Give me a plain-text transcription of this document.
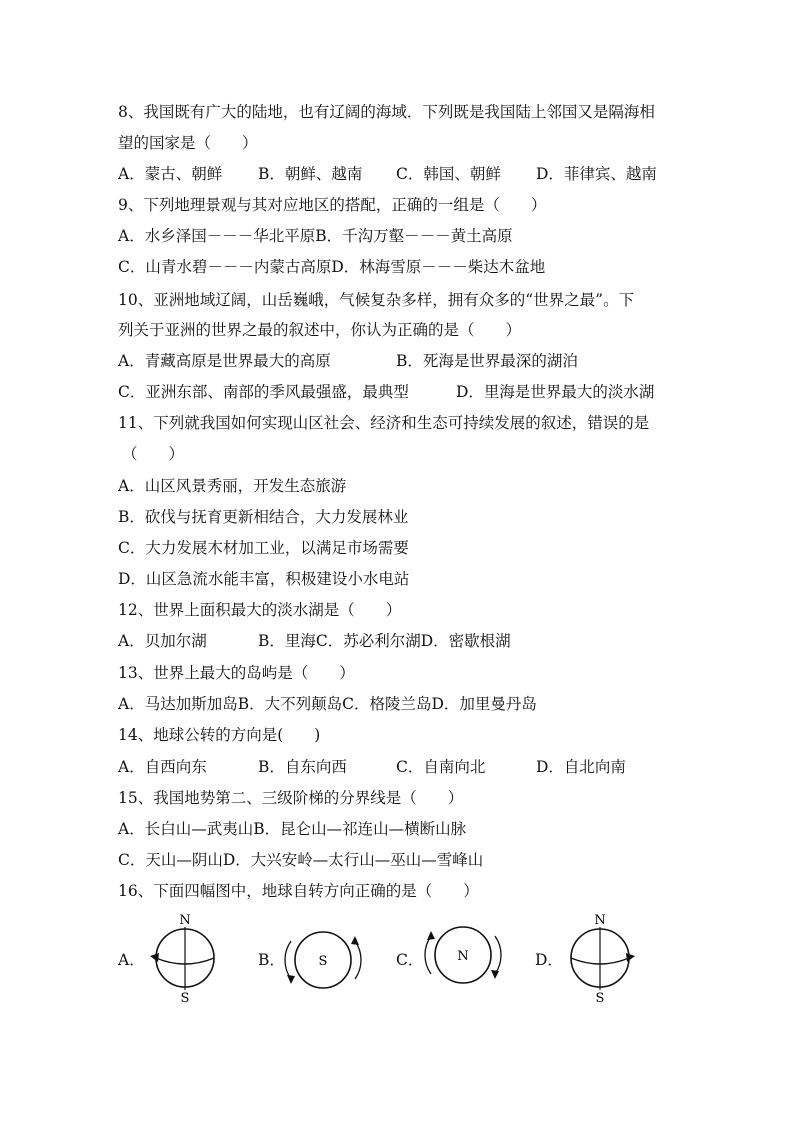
8、我国既有广大的陆地，也有辽阔的海域．下列既是我国陆上邻国又是隔海相
望的国家是（　　）
A．蒙古、朝鲜 B．朝鲜、越南 C．韩国、朝鲜 D．菲律宾、越南
9、下列地理景观与其对应地区的搭配，正确的一组是（　　）
A．水乡泽国－－－华北平原B．千沟万壑－－－黄土高原
C．山青水碧－－－内蒙古高原D．林海雪原－－－柴达木盆地
10、亚洲地域辽阔，山岳巍峨，气候复杂多样，拥有众多的“世界之最”。下
列关于亚洲的世界之最的叙述中，你认为正确的是（　　）
A．青藏高原是世界最大的高原	B．死海是世界最深的湖泊
C．亚洲东部、南部的季风最强盛，最典型	D．里海是世界最大的淡水湖
11、下列就我国如何实现山区社会、经济和生态可持续发展的叙述，错误的是
（　　）
A．山区风景秀丽，开发生态旅游
B．砍伐与抚育更新相结合，大力发展林业
C．大力发展木材加工业，以满足市场需要
D．山区急流水能丰富，积极建设小水电站
12、世界上面积最大的淡水湖是（　　）
A．贝加尔湖	B．里海C．苏必利尔湖D．密歇根湖
13、世界上最大的岛屿是（　　）
A．马达加斯加岛B．大不列颠岛C．格陵兰岛D．加里曼丹岛
14、地球公转的方向是(　　)
A．自西向东	B．自东向西	C．自南向北	D．自北向南
15、我国地势第二、三级阶梯的分界线是（　　）
A．长白山—武夷山B．昆仑山—祁连山—横断山脉
C．天山—阴山D．大兴安岭—太行山—巫山—雪峰山
16、下面四幅图中，地球自转方向正确的是（　　）
A．	B．	C．	D．
N
S
S	N
N
S
